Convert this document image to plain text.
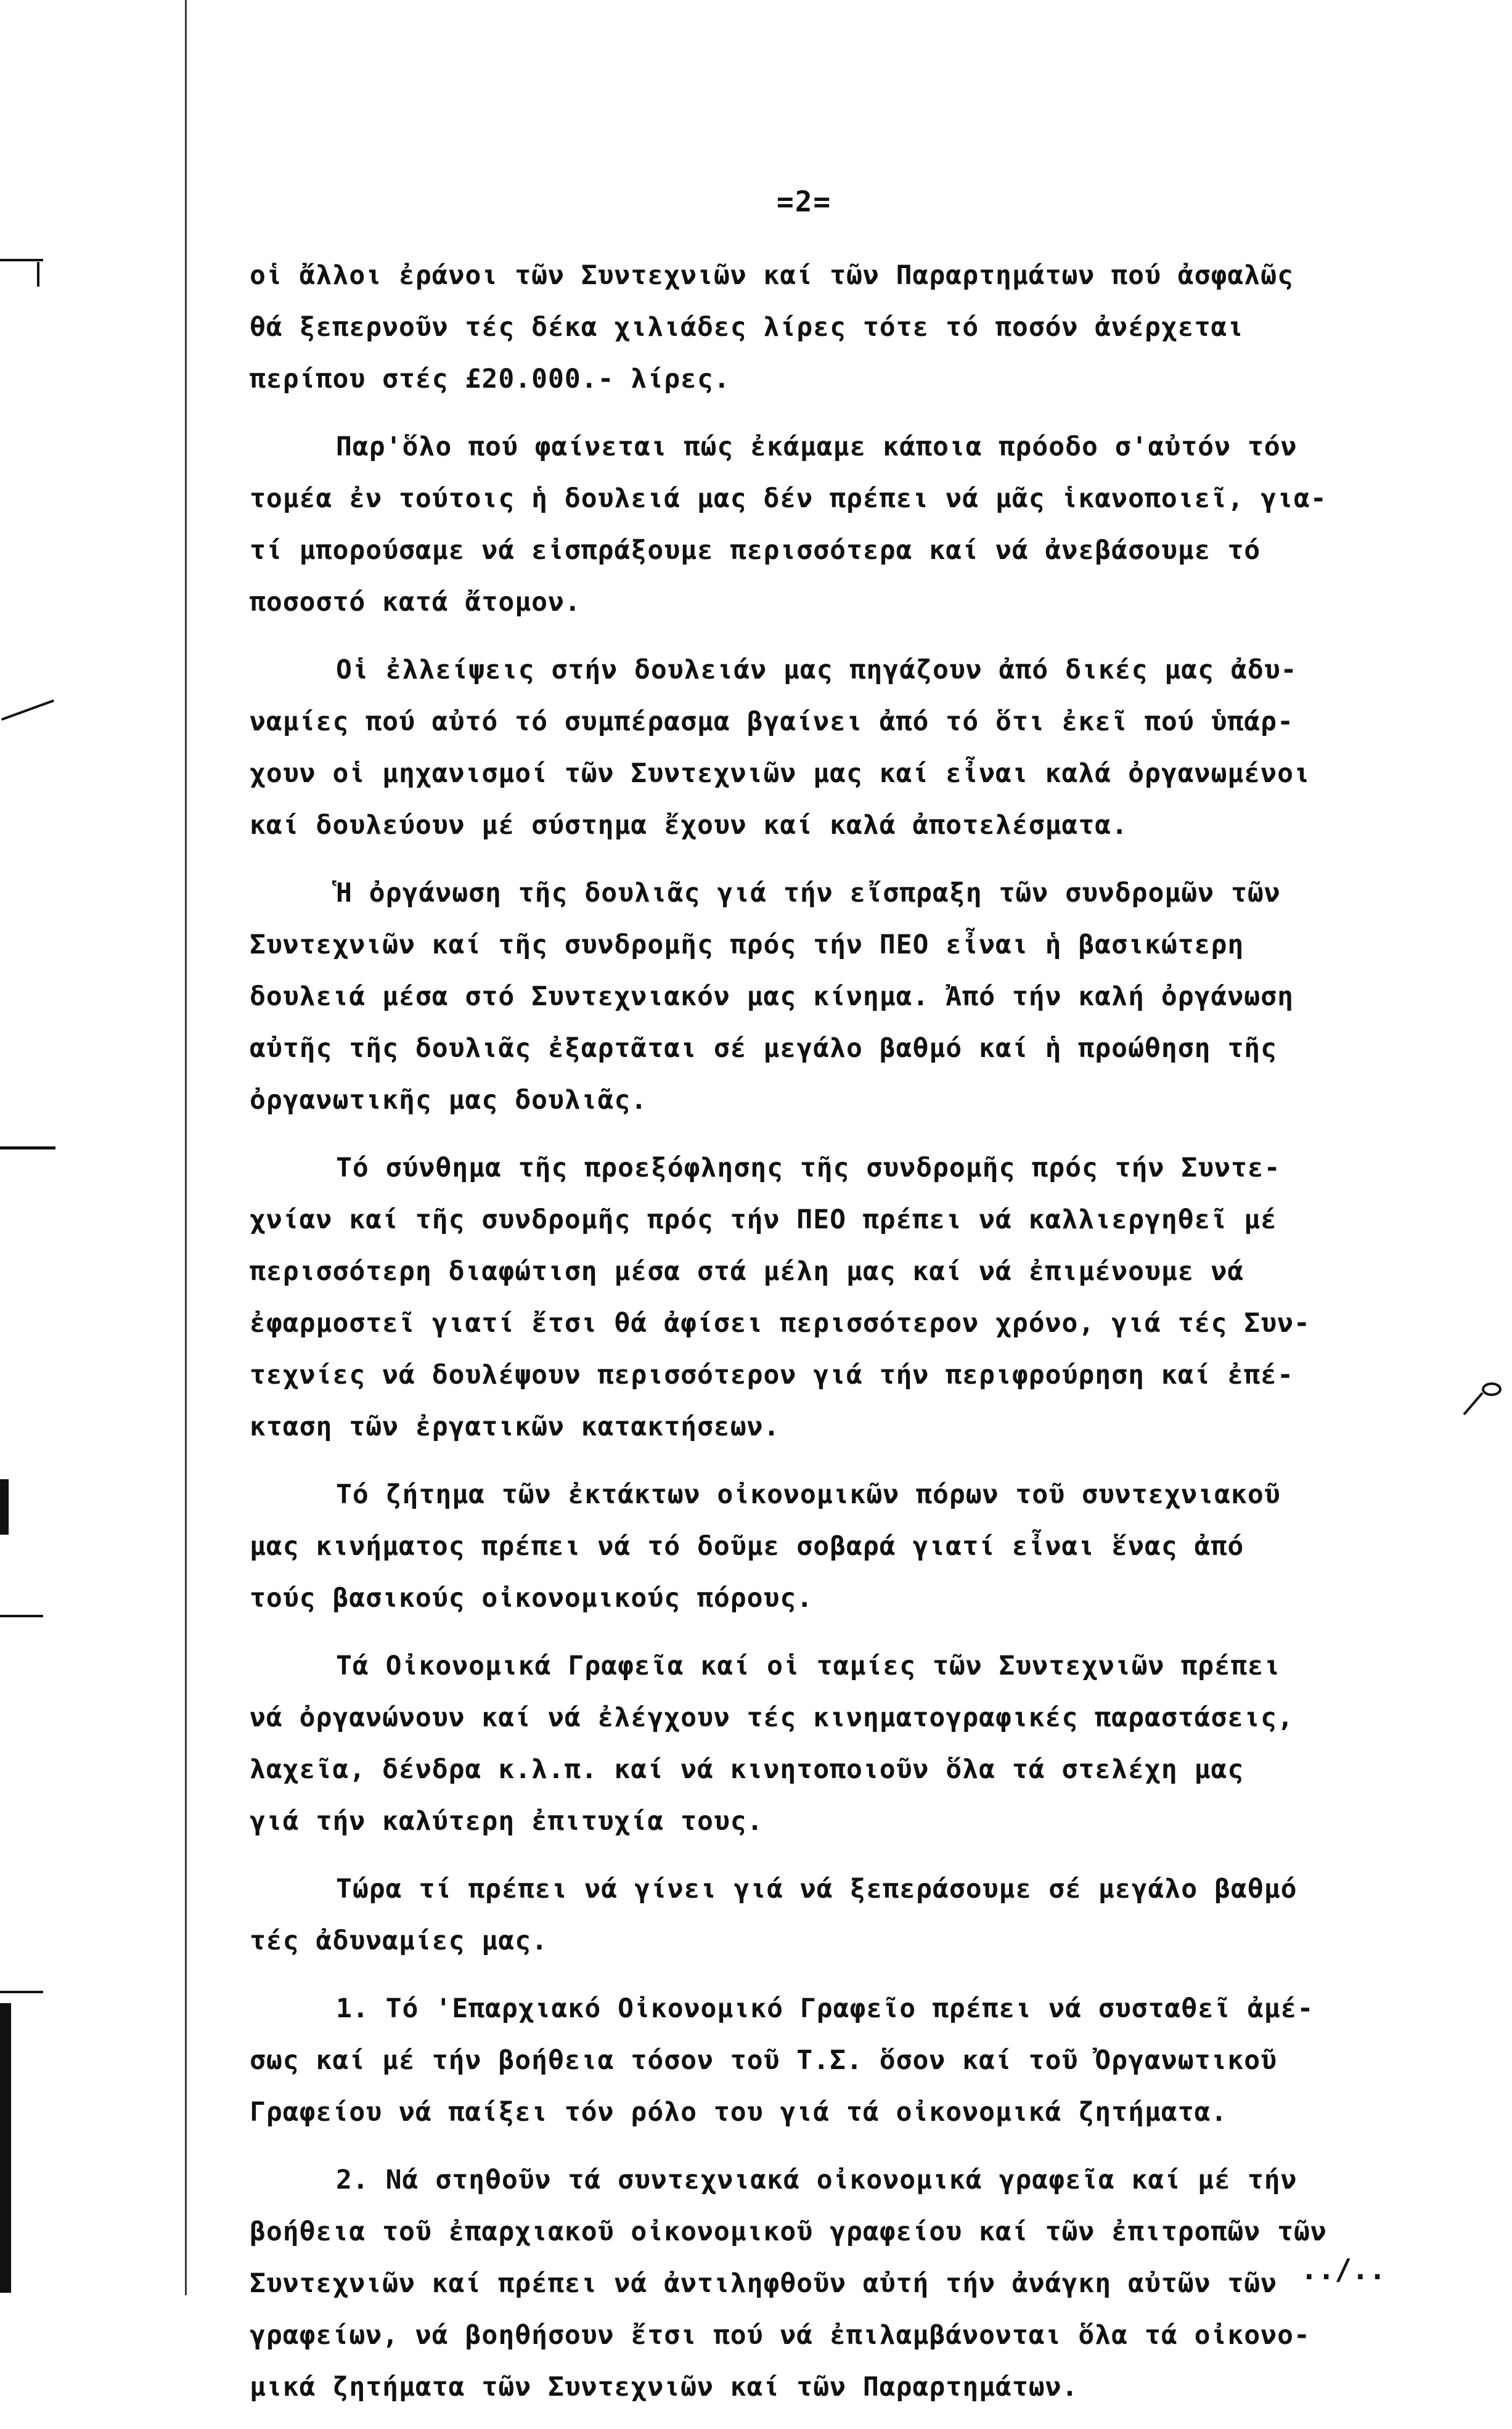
=2=
οἱ ἄλλοι ἐράνοι τῶν Συντεχνιῶν καί τῶν Παραρτημάτων πού ἀσφαλῶς
θά ξεπερνοῦν τές δέκα χιλιάδες λίρες τότε τό ποσόν ἀνέρχεται
περίπου στές £20.000.- λίρες.
Παρ'ὅλο πού φαίνεται πώς ἐκάμαμε κάποια πρόοδο σ'αὐτόν τόν
τομέα ἐν τούτοις ἡ δουλειά μας δέν πρέπει νά μᾶς ἱκανοποιεῖ, για-
τί μπορούσαμε νά εἰσπράξουμε περισσότερα καί νά ἀνεβάσουμε τό
ποσοστό κατά ἄτομον.
Οἱ ἐλλείψεις στήν δουλειάν μας πηγάζουν ἀπό δικές μας ἀδυ-
ναμίες πού αὐτό τό συμπέρασμα βγαίνει ἀπό τό ὅτι ἐκεῖ πού ὑπάρ-
χουν οἱ μηχανισμοί τῶν Συντεχνιῶν μας καί εἶναι καλά ὀργανωμένοι
καί δουλεύουν μέ σύστημα ἔχουν καί καλά ἀποτελέσματα.
Ἡ ὀργάνωση τῆς δουλιᾶς γιά τήν εἴσπραξη τῶν συνδρομῶν τῶν
Συντεχνιῶν καί τῆς συνδρομῆς πρός τήν ΠΕΟ εἶναι ἡ βασικώτερη
δουλειά μέσα στό Συντεχνιακόν μας κίνημα. Ἀπό τήν καλή ὀργάνωση
αὐτῆς τῆς δουλιᾶς ἐξαρτᾶται σέ μεγάλο βαθμό καί ἡ προώθηση τῆς
ὀργανωτικῆς μας δουλιᾶς.
Τό σύνθημα τῆς προεξόφλησης τῆς συνδρομῆς πρός τήν Συντε-
χνίαν καί τῆς συνδρομῆς πρός τήν ΠΕΟ πρέπει νά καλλιεργηθεῖ μέ
περισσότερη διαφώτιση μέσα στά μέλη μας καί νά ἐπιμένουμε νά
ἐφαρμοστεῖ γιατί ἔτσι θά ἀφίσει περισσότερον χρόνο, γιά τές Συν-
τεχνίες νά δουλέψουν περισσότερον γιά τήν περιφρούρηση καί ἐπέ-
κταση τῶν ἐργατικῶν κατακτήσεων.
Τό ζήτημα τῶν ἐκτάκτων οἰκονομικῶν πόρων τοῦ συντεχνιακοῦ
μας κινήματος πρέπει νά τό δοῦμε σοβαρά γιατί εἶναι ἕνας ἀπό
τούς βασικούς οἰκονομικούς πόρους.
Τά Οἰκονομικά Γραφεῖα καί οἱ ταμίες τῶν Συντεχνιῶν πρέπει
νά ὀργανώνουν καί νά ἐλέγχουν τές κινηματογραφικές παραστάσεις,
λαχεῖα, δένδρα κ.λ.π. καί νά κινητοποιοῦν ὅλα τά στελέχη μας
γιά τήν καλύτερη ἐπιτυχία τους.
Τώρα τί πρέπει νά γίνει γιά νά ξεπεράσουμε σέ μεγάλο βαθμό
τές ἀδυναμίες μας.
1. Τό 'Επαρχιακό Οἰκονομικό Γραφεῖο πρέπει νά συσταθεῖ ἀμέ-
σως καί μέ τήν βοήθεια τόσον τοῦ Τ.Σ. ὅσον καί τοῦ Ὀργανωτικοῦ
Γραφείου νά παίξει τόν ρόλο του γιά τά οἰκονομικά ζητήματα.
2. Νά στηθοῦν τά συντεχνιακά οἰκονομικά γραφεῖα καί μέ τήν
βοήθεια τοῦ ἐπαρχιακοῦ οἰκονομικοῦ γραφείου καί τῶν ἐπιτροπῶν τῶν
Συντεχνιῶν καί πρέπει νά ἀντιληφθοῦν αὐτή τήν ἀνάγκη αὐτῶν τῶν
γραφείων, νά βοηθήσουν ἔτσι πού νά ἐπιλαμβάνονται ὅλα τά οἰκονο-
μικά ζητήματα τῶν Συντεχνιῶν καί τῶν Παραρτημάτων.
../..
